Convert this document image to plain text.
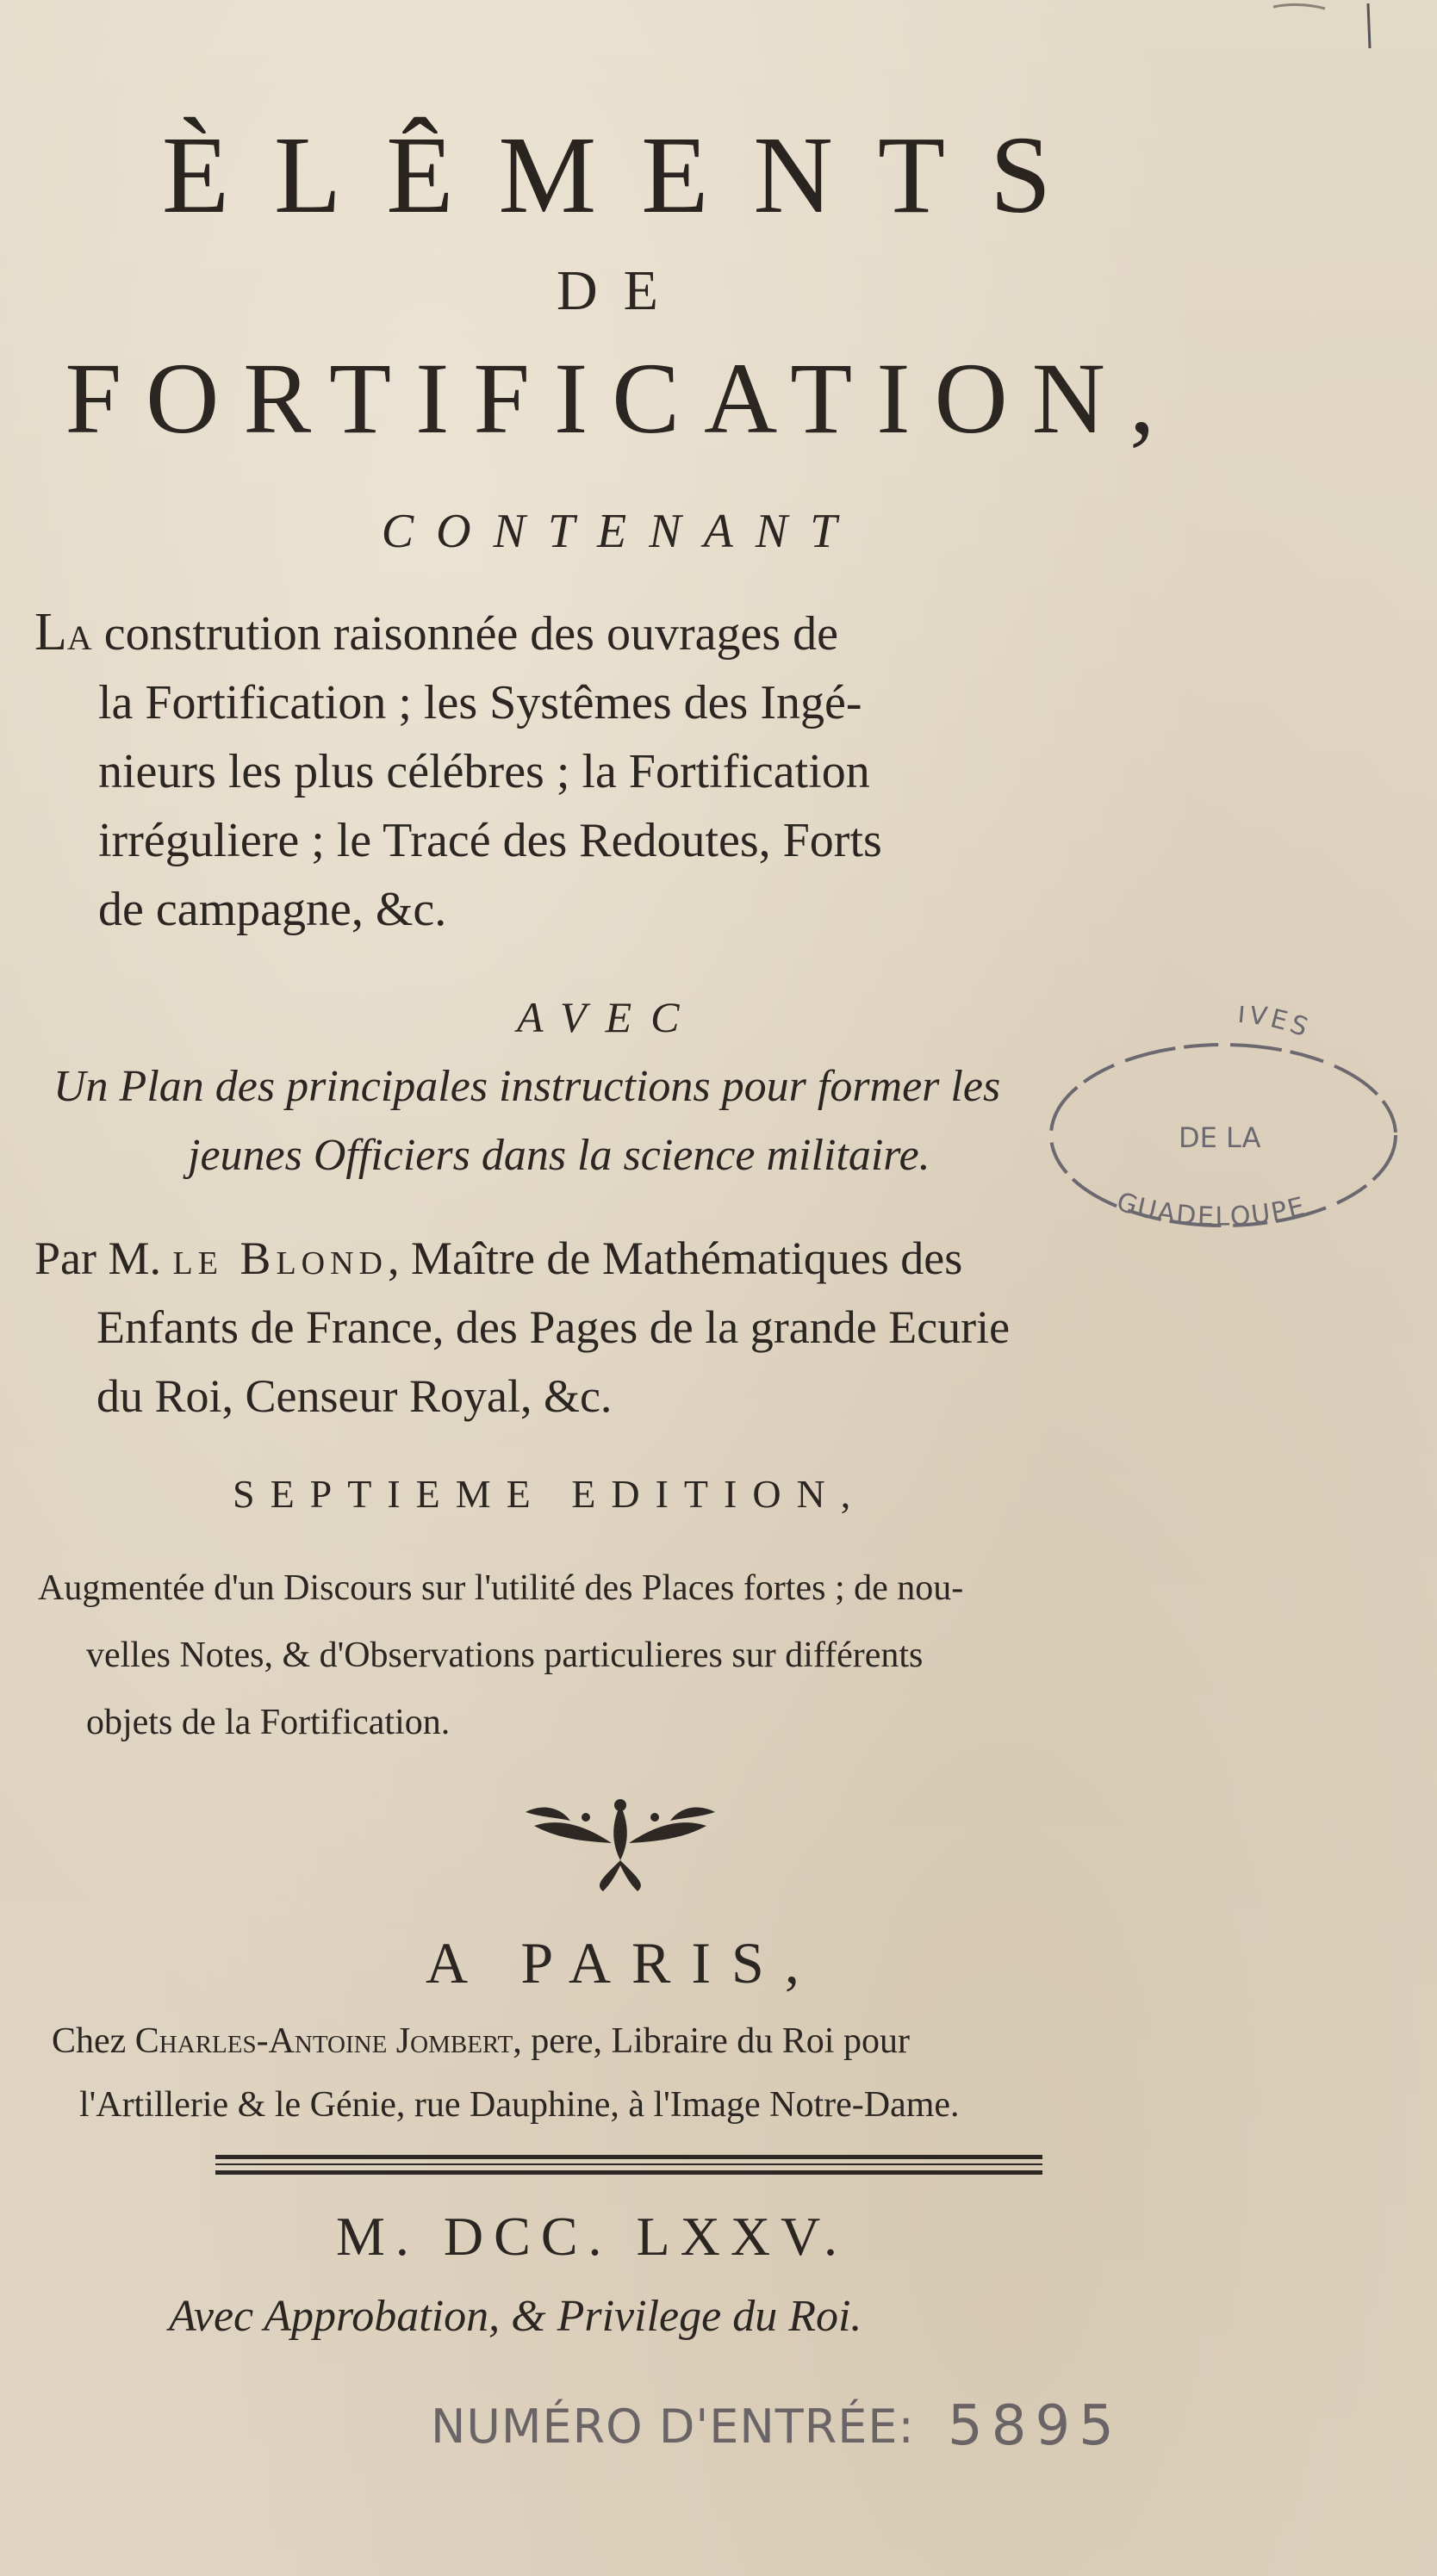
ÈLÊMENTS
DE
FORTIFICATION,
CONTENANT
LA constrution raisonnée des ouvrages de
la Fortification ; les Systêmes des Ingé-
nieurs les plus célébres ; la Fortification
irréguliere ; le Tracé des Redoutes, Forts
de campagne, &c.
AVEC
Un Plan des principales instructions pour former les
jeunes Officiers dans la science militaire.
IVES
DE LA
GUADELOUPE
Par M. le Blond, Maître de Mathématiques des
Enfants de France, des Pages de la grande Ecurie
du Roi, Censeur Royal, &c.
SEPTIEME EDITION,
Augmentée d'un Discours sur l'utilité des Places fortes ; de nou-
velles Notes, & d'Observations particulieres sur différents
objets de la Fortification.
A PARIS,
Chez Charles-Antoine Jombert, pere, Libraire du Roi pour
l'Artillerie & le Génie, rue Dauphine, à l'Image Notre-Dame.
M. DCC. LXXV.
Avec Approbation, & Privilege du Roi.
NUMÉRO D'ENTRÉE: 5895
